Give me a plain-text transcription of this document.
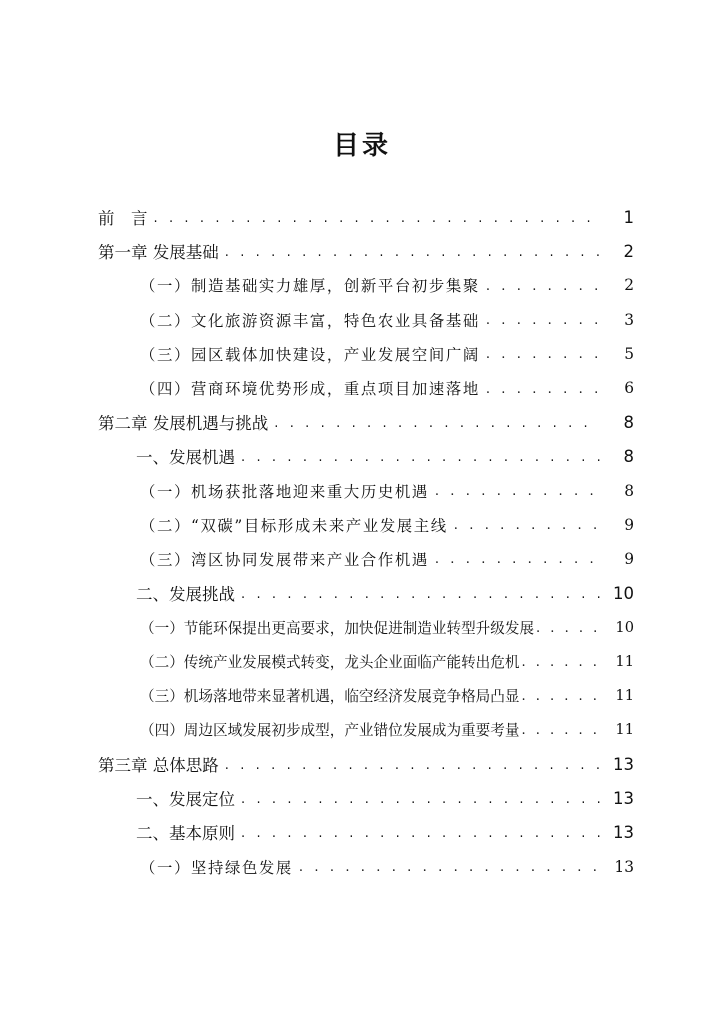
目录
前　言 . . .	1
第一章 发展基础 . . .	2
（一）制造基础实力雄厚，创新平台初步集聚 . . .	2
（二）文化旅游资源丰富，特色农业具备基础 . . .	3
（三）园区载体加快建设，产业发展空间广阔 . . .	5
（四）营商环境优势形成，重点项目加速落地 . . .	6
第二章 发展机遇与挑战 . . .	8
一、发展机遇 . . .	8
（一）机场获批落地迎来重大历史机遇 . . .	8
（二）“双碳”目标形成未来产业发展主线 . . .	9
（三）湾区协同发展带来产业合作机遇 . . .	9
二、发展挑战 . . .	10
（一）节能环保提出更高要求，加快促进制造业转型升级发展 . . .	10
（二）传统产业发展模式转变，龙头企业面临产能转出危机 . . .	11
（三）机场落地带来显著机遇，临空经济发展竞争格局凸显 . . .	11
（四）周边区域发展初步成型，产业错位发展成为重要考量 . . .	11
第三章 总体思路 . . .	13
一、发展定位 . . .	13
二、基本原则 . . .	13
（一）坚持绿色发展 . . .	13
